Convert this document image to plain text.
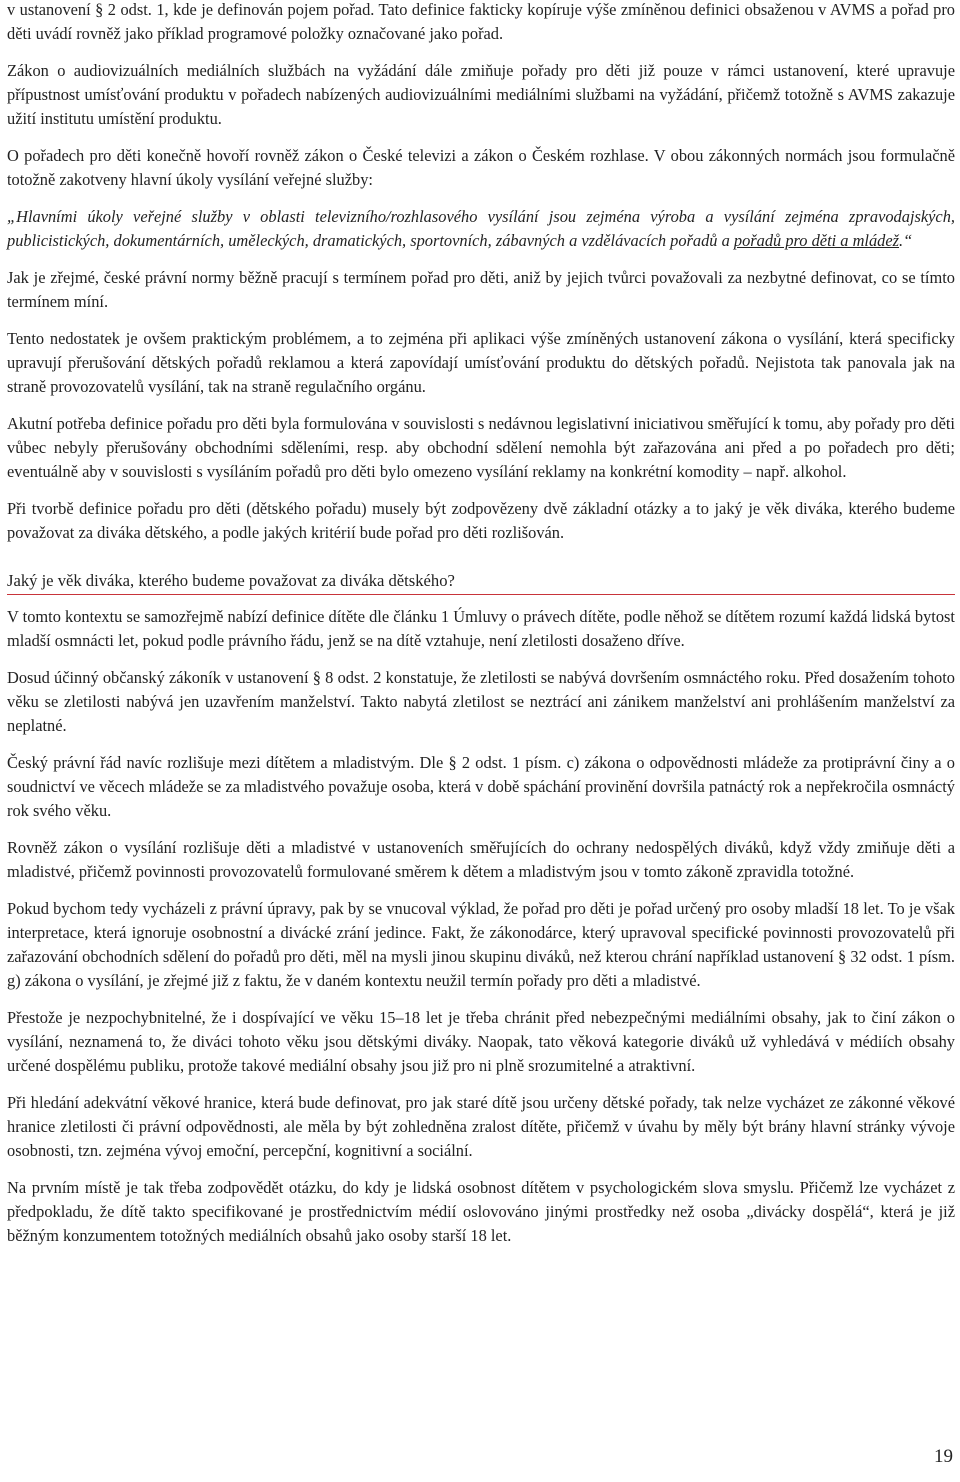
v ustanovení § 2 odst. 1, kde je definován pojem pořad. Tato definice fakticky kopíruje výše zmíněnou definici obsaženou v AVMS a pořad pro děti uvádí rovněž jako příklad programové položky označované jako pořad.

Zákon o audiovizuálních mediálních službách na vyžádání dále zmiňuje pořady pro děti již pouze v rámci ustanovení, které upravuje přípustnost umísťování produktu v pořadech nabízených audiovizuálními mediálními službami na vyžádání, přičemž totožně s AVMS zakazuje užití institutu umístění produktu.

O pořadech pro děti konečně hovoří rovněž zákon o České televizi a zákon o Českém rozhlase. V obou zákonných normách jsou formulačně totožně zakotveny hlavní úkoly vysílání veřejné služby:

„Hlavními úkoly veřejné služby v oblasti televizního/rozhlasového vysílání jsou zejména výroba a vysílání zejména zpravodajských, publicistických, dokumentárních, uměleckých, dramatických, sportovních, zábavných a vzdělávacích pořadů a pořadů pro děti a mládež.“

Jak je zřejmé, české právní normy běžně pracují s termínem pořad pro děti, aniž by jejich tvůrci považovali za nezbytné definovat, co se tímto termínem míní.

Tento nedostatek je ovšem praktickým problémem, a to zejména při aplikaci výše zmíněných ustanovení zákona o vysílání, která specificky upravují přerušování dětských pořadů reklamou a která zapovídají umísťování produktu do dětských pořadů. Nejistota tak panovala jak na straně provozovatelů vysílání, tak na straně regulačního orgánu.

Akutní potřeba definice pořadu pro děti byla formulována v souvislosti s nedávnou legislativní iniciativou směřující k tomu, aby pořady pro děti vůbec nebyly přerušovány obchodními sděleními, resp. aby obchodní sdělení nemohla být zařazována ani před a po pořadech pro děti; eventuálně aby v souvislosti s vysíláním pořadů pro děti bylo omezeno vysílání reklamy na konkrétní komodity – např. alkohol.

Při tvorbě definice pořadu pro děti (dětského pořadu) musely být zodpovězeny dvě základní otázky a to jaký je věk diváka, kterého budeme považovat za diváka dětského, a podle jakých kritérií bude pořad pro děti rozlišován.

Jaký je věk diváka, kterého budeme považovat za diváka dětského?

V tomto kontextu se samozřejmě nabízí definice dítěte dle článku 1 Úmluvy o právech dítěte, podle něhož se dítětem rozumí každá lidská bytost mladší osmnácti let, pokud podle právního řádu, jenž se na dítě vztahuje, není zletilosti dosaženo dříve.

Dosud účinný občanský zákoník v ustanovení § 8 odst. 2 konstatuje, že zletilosti se nabývá dovršením osmnáctého roku. Před dosažením tohoto věku se zletilosti nabývá jen uzavřením manželství. Takto nabytá zletilost se neztrácí ani zánikem manželství ani prohlášením manželství za neplatné.

Český právní řád navíc rozlišuje mezi dítětem a mladistvým. Dle § 2 odst. 1 písm. c) zákona o odpovědnosti mládeže za protiprávní činy a o soudnictví ve věcech mládeže se za mladistvého považuje osoba, která v době spáchání provinění dovršila patnáctý rok a nepřekročila osmnáctý rok svého věku.

Rovněž zákon o vysílání rozlišuje děti a mladistvé v ustanoveních směřujících do ochrany nedospělých diváků, když vždy zmiňuje děti a mladistvé, přičemž povinnosti provozovatelů formulované směrem k dětem a mladistvým jsou v tomto zákoně zpravidla totožné.

Pokud bychom tedy vycházeli z právní úpravy, pak by se vnucoval výklad, že pořad pro děti je pořad určený pro osoby mladší 18 let. To je však interpretace, která ignoruje osobnostní a divácké zrání jedince. Fakt, že zákonodárce, který upravoval specifické povinnosti provozovatelů při zařazování obchodních sdělení do pořadů pro děti, měl na mysli jinou skupinu diváků, než kterou chrání například ustanovení § 32 odst. 1 písm. g) zákona o vysílání, je zřejmé již z faktu, že v daném kontextu neužil termín pořady pro děti a mladistvé.

Přestože je nezpochybnitelné, že i dospívající ve věku 15–18 let je třeba chránit před nebezpečnými mediálními obsahy, jak to činí zákon o vysílání, neznamená to, že diváci tohoto věku jsou dětskými diváky. Naopak, tato věková kategorie diváků už vyhledává v médiích obsahy určené dospělému publiku, protože takové mediální obsahy jsou již pro ni plně srozumitelné a atraktivní.

Při hledání adekvátní věkové hranice, která bude definovat, pro jak staré dítě jsou určeny dětské pořady, tak nelze vycházet ze zákonné věkové hranice zletilosti či právní odpovědnosti, ale měla by být zohledněna zralost dítěte, přičemž v úvahu by měly být brány hlavní stránky vývoje osobnosti, tzn. zejména vývoj emoční, percepční, kognitivní a sociální.

Na prvním místě je tak třeba zodpovědět otázku, do kdy je lidská osobnost dítětem v psychologickém slova smyslu. Přičemž lze vycházet z předpokladu, že dítě takto specifikované je prostřednictvím médií oslovováno jinými prostředky než osoba „divácky dospělá“, která je již běžným konzumentem totožných mediálních obsahů jako osoby starší 18 let.

19
